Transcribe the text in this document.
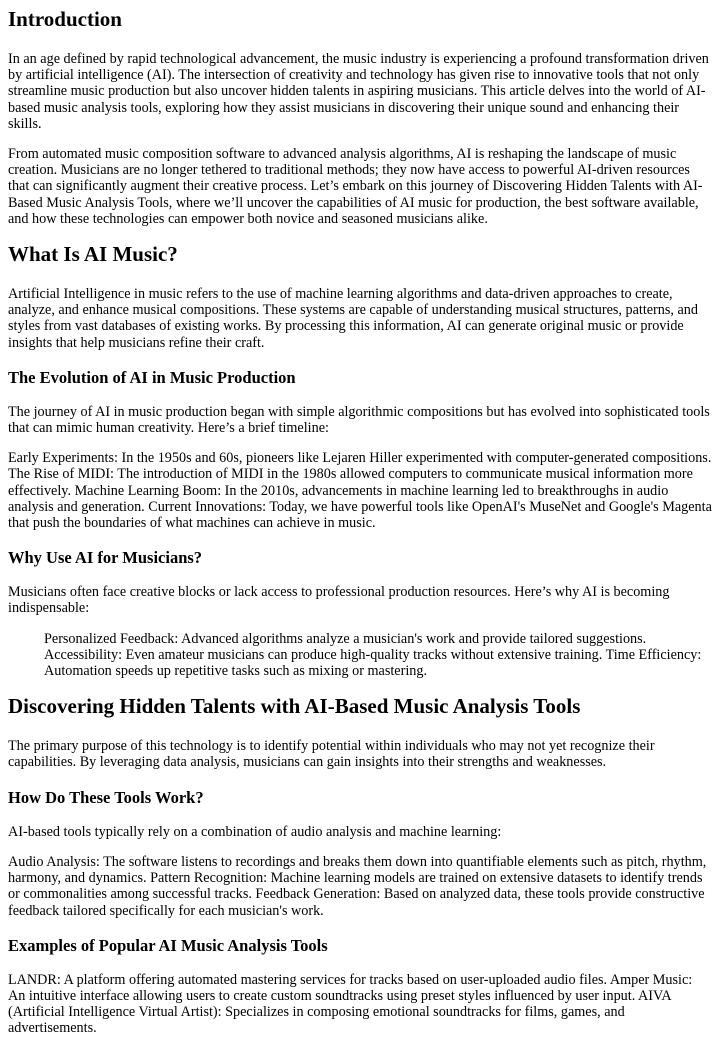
Introduction

In an age defined by rapid technological advancement, the music industry is experiencing a profound transformation driven by artificial intelligence (AI). The intersection of creativity and technology has given rise to innovative tools that not only streamline music production but also uncover hidden talents in aspiring musicians. This article delves into the world of AI-based music analysis tools, exploring how they assist musicians in discovering their unique sound and enhancing their skills.

From automated music composition software to advanced analysis algorithms, AI is reshaping the landscape of music creation. Musicians are no longer tethered to traditional methods; they now have access to powerful AI-driven resources that can significantly augment their creative process. Let’s embark on this journey of Discovering Hidden Talents with AI-Based Music Analysis Tools, where we’ll uncover the capabilities of AI music for production, the best software available, and how these technologies can empower both novice and seasoned musicians alike.

What Is AI Music?

Artificial Intelligence in music refers to the use of machine learning algorithms and data-driven approaches to create, analyze, and enhance musical compositions. These systems are capable of understanding musical structures, patterns, and styles from vast databases of existing works. By processing this information, AI can generate original music or provide insights that help musicians refine their craft.

The Evolution of AI in Music Production

The journey of AI in music production began with simple algorithmic compositions but has evolved into sophisticated tools that can mimic human creativity. Here’s a brief timeline:

Early Experiments: In the 1950s and 60s, pioneers like Lejaren Hiller experimented with computer-generated compositions. The Rise of MIDI: The introduction of MIDI in the 1980s allowed computers to communicate musical information more effectively. Machine Learning Boom: In the 2010s, advancements in machine learning led to breakthroughs in audio analysis and generation. Current Innovations: Today, we have powerful tools like OpenAI's MuseNet and Google's Magenta that push the boundaries of what machines can achieve in music.

Why Use AI for Musicians?

Musicians often face creative blocks or lack access to professional production resources. Here’s why AI is becoming indispensable:

Personalized Feedback: Advanced algorithms analyze a musician's work and provide tailored suggestions. Accessibility: Even amateur musicians can produce high-quality tracks without extensive training. Time Efficiency: Automation speeds up repetitive tasks such as mixing or mastering.
Discovering Hidden Talents with AI-Based Music Analysis Tools

The primary purpose of this technology is to identify potential within individuals who may not yet recognize their capabilities. By leveraging data analysis, musicians can gain insights into their strengths and weaknesses.

How Do These Tools Work?

AI-based tools typically rely on a combination of audio analysis and machine learning:

Audio Analysis: The software listens to recordings and breaks them down into quantifiable elements such as pitch, rhythm, harmony, and dynamics. Pattern Recognition: Machine learning models are trained on extensive datasets to identify trends or commonalities among successful tracks. Feedback Generation: Based on analyzed data, these tools provide constructive feedback tailored specifically for each musician's work.

Examples of Popular AI Music Analysis Tools

LANDR: A platform offering automated mastering services for tracks based on user-uploaded audio files. Amper Music: An intuitive interface allowing users to create custom soundtracks using preset styles influenced by user input. AIVA (Artificial Intelligence Virtual Artist): Specializes in composing emotional soundtracks for films, games, and advertisements.
